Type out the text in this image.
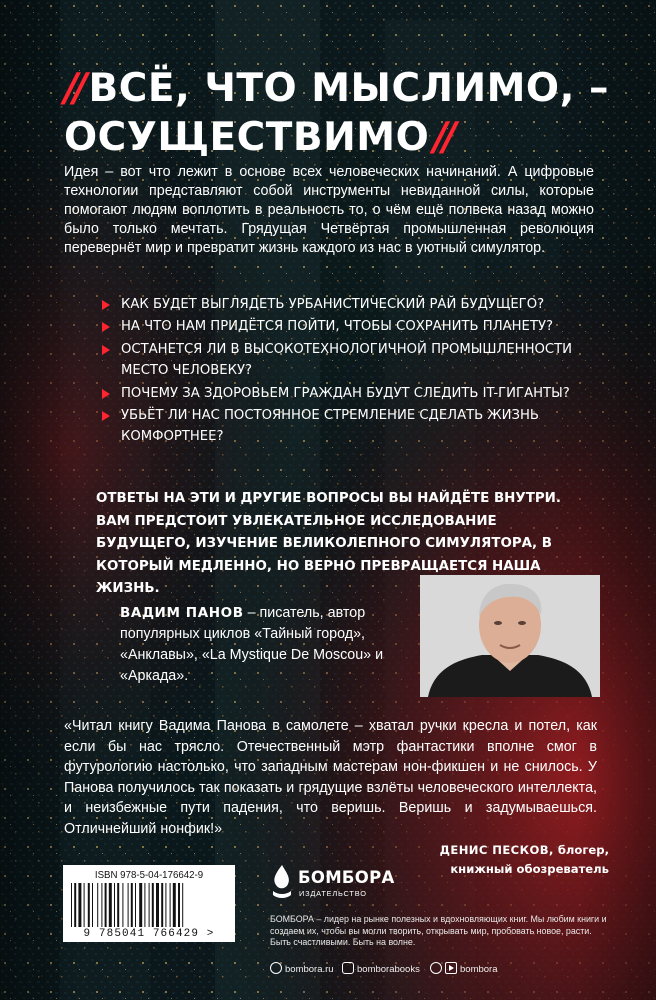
// ВСЁ, ЧТО МЫСЛИМО, –
ОСУЩЕСТВИМО //
Идея – вот что лежит в основе всех человеческих начинаний. А цифровые технологии представляют собой инструменты невиданной силы, которые помогают людям воплотить в реальность то, о чём ещё полвека назад можно было только мечтать. Грядущая Четвёртая промышленная революция перевернёт мир и превратит жизнь каждого из нас в уютный симулятор.
КАК БУДЕТ ВЫГЛЯДЕТЬ УРБАНИСТИЧЕСКИЙ РАЙ БУДУЩЕГО?
НА ЧТО НАМ ПРИДЁТСЯ ПОЙТИ, ЧТОБЫ СОХРАНИТЬ ПЛАНЕТУ?
ОСТАНЕТСЯ ЛИ В ВЫСОКОТЕХНОЛОГИЧНОЙ ПРОМЫШЛЕННОСТИ МЕСТО ЧЕЛОВЕКУ?
ПОЧЕМУ ЗА ЗДОРОВЬЕМ ГРАЖДАН БУДУТ СЛЕДИТЬ IT-ГИГАНТЫ?
УБЬЁТ ЛИ НАС ПОСТОЯННОЕ СТРЕМЛЕНИЕ СДЕЛАТЬ ЖИЗНЬ КОМФОРТНЕЕ?
ОТВЕТЫ НА ЭТИ И ДРУГИЕ ВОПРОСЫ ВЫ НАЙДЁТЕ ВНУТРИ. ВАМ ПРЕДСТОИТ УВЛЕКАТЕЛЬНОЕ ИССЛЕДОВАНИЕ БУДУЩЕГО, ИЗУЧЕНИЕ ВЕЛИКОЛЕПНОГО СИМУЛЯТОРА, В КОТОРЫЙ МЕДЛЕННО, НО ВЕРНО ПРЕВРАЩАЕТСЯ НАША ЖИЗНЬ.
ВАДИМ ПАНОВ – писатель, автор популярных циклов «Тайный город», «Анклавы», «La Mystique De Moscou» и «Аркада».
«Читал книгу Вадима Панова в самолете – хватал ручки кресла и потел, как если бы нас трясло. Отечественный мэтр фантастики вполне смог в футурологию настолько, что западным мастерам нон-фикшен и не снилось. У Панова получилось так показать и грядущие взлёты человеческого интеллекта, и неизбежные пути падения, что веришь. Веришь и задумываешься. Отличнейший нонфик!»
ДЕНИС ПЕСКОВ, блогер,
книжный обозреватель
ISBN 978-5-04-176642-9
9 785041 766429 >
БОМБОРА
ИЗДАТЕЛЬСТВО
БОМБОРА – лидер на рынке полезных и вдохновляющих книг. Мы любим книги и создаем их, чтобы вы могли творить, открывать мир, пробовать новое, расти. Быть счастливыми. Быть на волне.
bombora.ru	bomborabooks	bombora
